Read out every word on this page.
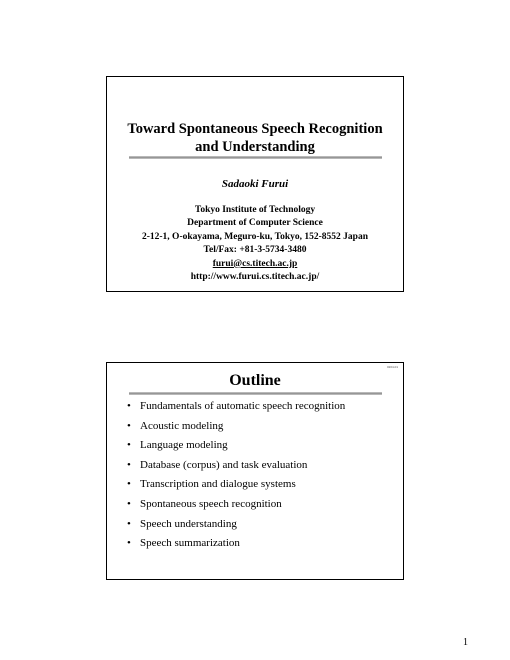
Toward Spontaneous Speech Recognition
and Understanding
Sadaoki Furui
Tokyo Institute of Technology
Department of Computer Science
2-12-1, O-okayama, Meguro-ku, Tokyo, 152-8552 Japan
Tel/Fax: +81-3-5734-3480
furui@cs.titech.ac.jp
http://www.furui.cs.titech.ac.jp/
0204-01
Outline
• Fundamentals of automatic speech recognition
• Acoustic modeling
• Language modeling
• Database (corpus) and task evaluation
• Transcription and dialogue systems
• Spontaneous speech recognition
• Speech understanding
• Speech summarization
1
